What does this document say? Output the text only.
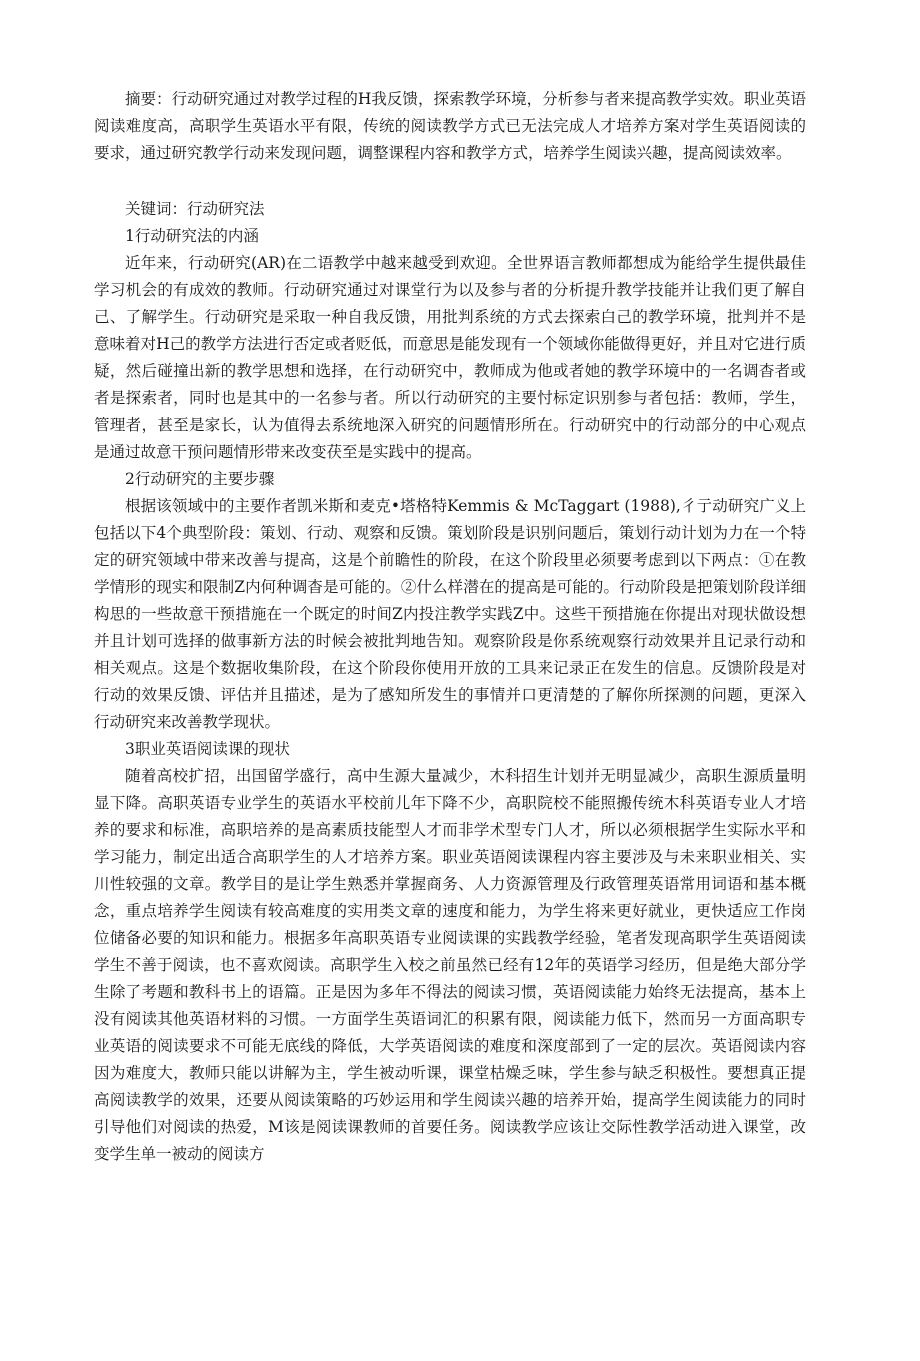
摘要：行动研究通过对教学过程的H我反馈，探索教学环境，分析参与者来提高教学实效。职业英语阅读难度高，高职学生英语水平有限，传统的阅读教学方式已无法完成人才培养方案对学生英语阅读的要求，通过研究教学行动来发现问题，调整课程内容和教学方式，培养学生阅读兴趣，提高阅读效率。

关键词：行动研究法

1行动研究法的内涵

近年来，行动研究(AR)在二语教学中越来越受到欢迎。全世界语言教师都想成为能给学生提供最佳学习机会的有成效的教师。行动研究通过对课堂行为以及参与者的分析提升教学技能并让我们更了解自己、了解学生。行动研究是采取一种自我反馈，用批判系统的方式去探索白己的教学环境，批判并不是意味着对H己的教学方法进行否定或者贬低，而意思是能发现有一个领域你能做得更好，并且对它进行质疑，然后碰撞出新的教学思想和选择，在行动研究中，教师成为他或者她的教学环境中的一名调杳者或者是探索者，同时也是其中的一名参与者。所以行动研究的主要忖标定识别参与者包括：教师，学生，管理者，甚至是家长，认为值得去系统地深入研究的问题情形所在。行动研究中的行动部分的中心观点是通过故意干预问题情形带来改变茯至是实践中的提高。

2行动研究的主要步骤

根据该领域中的主要作者凯米斯和麦克•塔格特Kemmis & McTaggart (1988),彳亍动研究广义上包括以下4个典型阶段：策划、行动、观察和反馈。策划阶段是识别问题后，策划行动计划为力在一个特定的研究领域中带来改善与提高，这是个前瞻性的阶段，在这个阶段里必须要考虑到以下两点：①在教学情形的现实和限制Z内何种调杳是可能的。②什么样潜在的提高是可能的。行动阶段是把策划阶段详细构思的一些故意干预措施在一个既定的时间Z内投注教学实践Z中。这些干预措施在你提出对现状做设想并且计划可选择的做事新方法的时候会被批判地告知。观察阶段是你系统观察行动效果并且记录行动和相关观点。这是个数据收集阶段，在这个阶段你使用开放的工具来记录正在发生的信息。反馈阶段是对行动的效果反馈、评估并且描述，是为了感知所发生的事情并口更清楚的了解你所探测的问题，更深入行动研究来改善教学现状。

3职业英语阅读课的现状

随着高校扩招，出国留学盛行，高中生源大量减少，木科招生计划并无明显减少，高职生源质量明显下降。高职英语专业学生的英语水平校前儿年下降不少，高职院校不能照搬传统木科英语专业人才培养的要求和标准，高职培养的是高素质技能型人才而非学术型专门人才，所以必须根据学生实际水平和学习能力，制定出适合高职学生的人才培养方案。职业英语阅读课程内容主要涉及与未来职业相关、实川性较强的文章。教学目的是让学生熟悉并掌握商务、人力资源管理及行政管理英语常用词语和基本概念，重点培养学生阅读有较高难度的实用类文章的速度和能力，为学生将来更好就业，更快适应工作岗位储备必要的知识和能力。根据多年高职英语专业阅读课的实践教学经验，笔者发现高职学生英语阅读学生不善于阅读，也不喜欢阅读。高职学生入校之前虽然已经有12年的英语学习经历，但是绝大部分学生除了考题和教科书上的语篇。正是因为多年不得法的阅读习惯，英语阅读能力始终无法提高，基本上没有阅读其他英语材料的习惯。一方面学生英语词汇的积累有限，阅读能力低下，然而另一方面高职专业英语的阅读要求不可能无底线的降低，大学英语阅读的难度和深度部到了一定的层次。英语阅读内容因为难度大，教师只能以讲解为主，学生被动听课，课堂枯燥乏味，学生参与缺乏积极性。要想真正提高阅读教学的效果，还要从阅读策略的巧妙运用和学生阅读兴趣的培养开始，提高学生阅读能力的同时引导他们对阅读的热爱，M该是阅读课教师的首要任务。阅读教学应该让交际性教学活动进入课堂，改变学生单一被动的阅读方
